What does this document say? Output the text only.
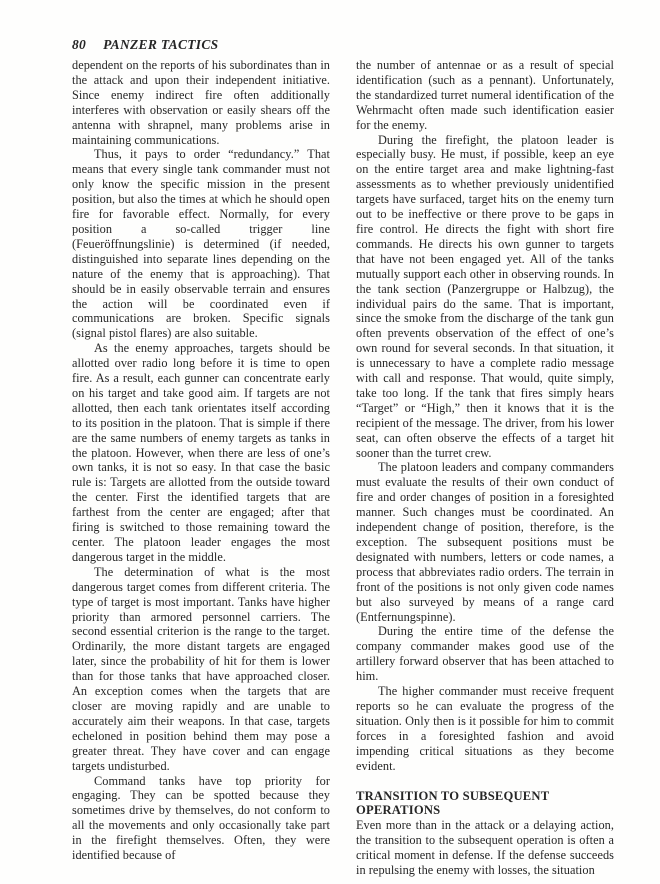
80 PANZER TACTICS

dependent on the reports of his subordinates than in the attack and upon their independent initiative. Since enemy indirect fire often additionally interferes with observation or easily shears off the antenna with shrapnel, many problems arise in maintaining communications.

Thus, it pays to order “redundancy.” That means that every single tank commander must not only know the specific mission in the present position, but also the times at which he should open fire for favorable effect. Normally, for every position a so-called trigger line (Feueröffnungslinie) is determined (if needed, distinguished into separate lines depending on the nature of the enemy that is approaching). That should be in easily observable terrain and ensures the action will be coordinated even if communications are broken. Specific signals (signal pistol flares) are also suitable.

As the enemy approaches, targets should be allotted over radio long before it is time to open fire. As a result, each gunner can concentrate early on his target and take good aim. If targets are not allotted, then each tank orientates itself according to its position in the platoon. That is simple if there are the same numbers of enemy targets as tanks in the platoon. However, when there are less of one’s own tanks, it is not so easy. In that case the basic rule is: Targets are allotted from the outside toward the center. First the identified targets that are farthest from the center are engaged; after that firing is switched to those remaining toward the center. The platoon leader engages the most dangerous target in the middle.

The determination of what is the most dangerous target comes from different criteria. The type of target is most important. Tanks have higher priority than armored personnel carriers. The second essential criterion is the range to the target. Ordinarily, the more distant targets are engaged later, since the probability of hit for them is lower than for those tanks that have approached closer. An exception comes when the targets that are closer are moving rapidly and are unable to accurately aim their weapons. In that case, targets echeloned in position behind them may pose a greater threat. They have cover and can engage targets undisturbed.

Command tanks have top priority for engaging. They can be spotted because they sometimes drive by themselves, do not conform to all the movements and only occasionally take part in the firefight themselves. Often, they were identified because of

the number of antennae or as a result of special identification (such as a pennant). Unfortunately, the standardized turret numeral identification of the Wehrmacht often made such identification easier for the enemy.

During the firefight, the platoon leader is especially busy. He must, if possible, keep an eye on the entire target area and make lightning-fast assessments as to whether previously unidentified targets have surfaced, target hits on the enemy turn out to be ineffective or there prove to be gaps in fire control. He directs the fight with short fire commands. He directs his own gunner to targets that have not been engaged yet. All of the tanks mutually support each other in observing rounds. In the tank section (Panzergruppe or Halbzug), the individual pairs do the same. That is important, since the smoke from the discharge of the tank gun often prevents observation of the effect of one’s own round for several seconds. In that situation, it is unnecessary to have a complete radio message with call and response. That would, quite simply, take too long. If the tank that fires simply hears “Target” or “High,” then it knows that it is the recipient of the message. The driver, from his lower seat, can often observe the effects of a target hit sooner than the turret crew.

The platoon leaders and company commanders must evaluate the results of their own conduct of fire and order changes of position in a foresighted manner. Such changes must be coordinated. An independent change of position, therefore, is the exception. The subsequent positions must be designated with numbers, letters or code names, a process that abbreviates radio orders. The terrain in front of the positions is not only given code names but also surveyed by means of a range card (Entfernungspinne).

During the entire time of the defense the company commander makes good use of the artillery forward observer that has been attached to him.

The higher commander must receive frequent reports so he can evaluate the progress of the situation. Only then is it possible for him to commit forces in a foresighted fashion and avoid impending critical situations as they become evident.

TRANSITION TO SUBSEQUENT OPERATIONS

Even more than in the attack or a delaying action, the transition to the subsequent operation is often a critical moment in defense. If the defense succeeds in repulsing the enemy with losses, the situation
